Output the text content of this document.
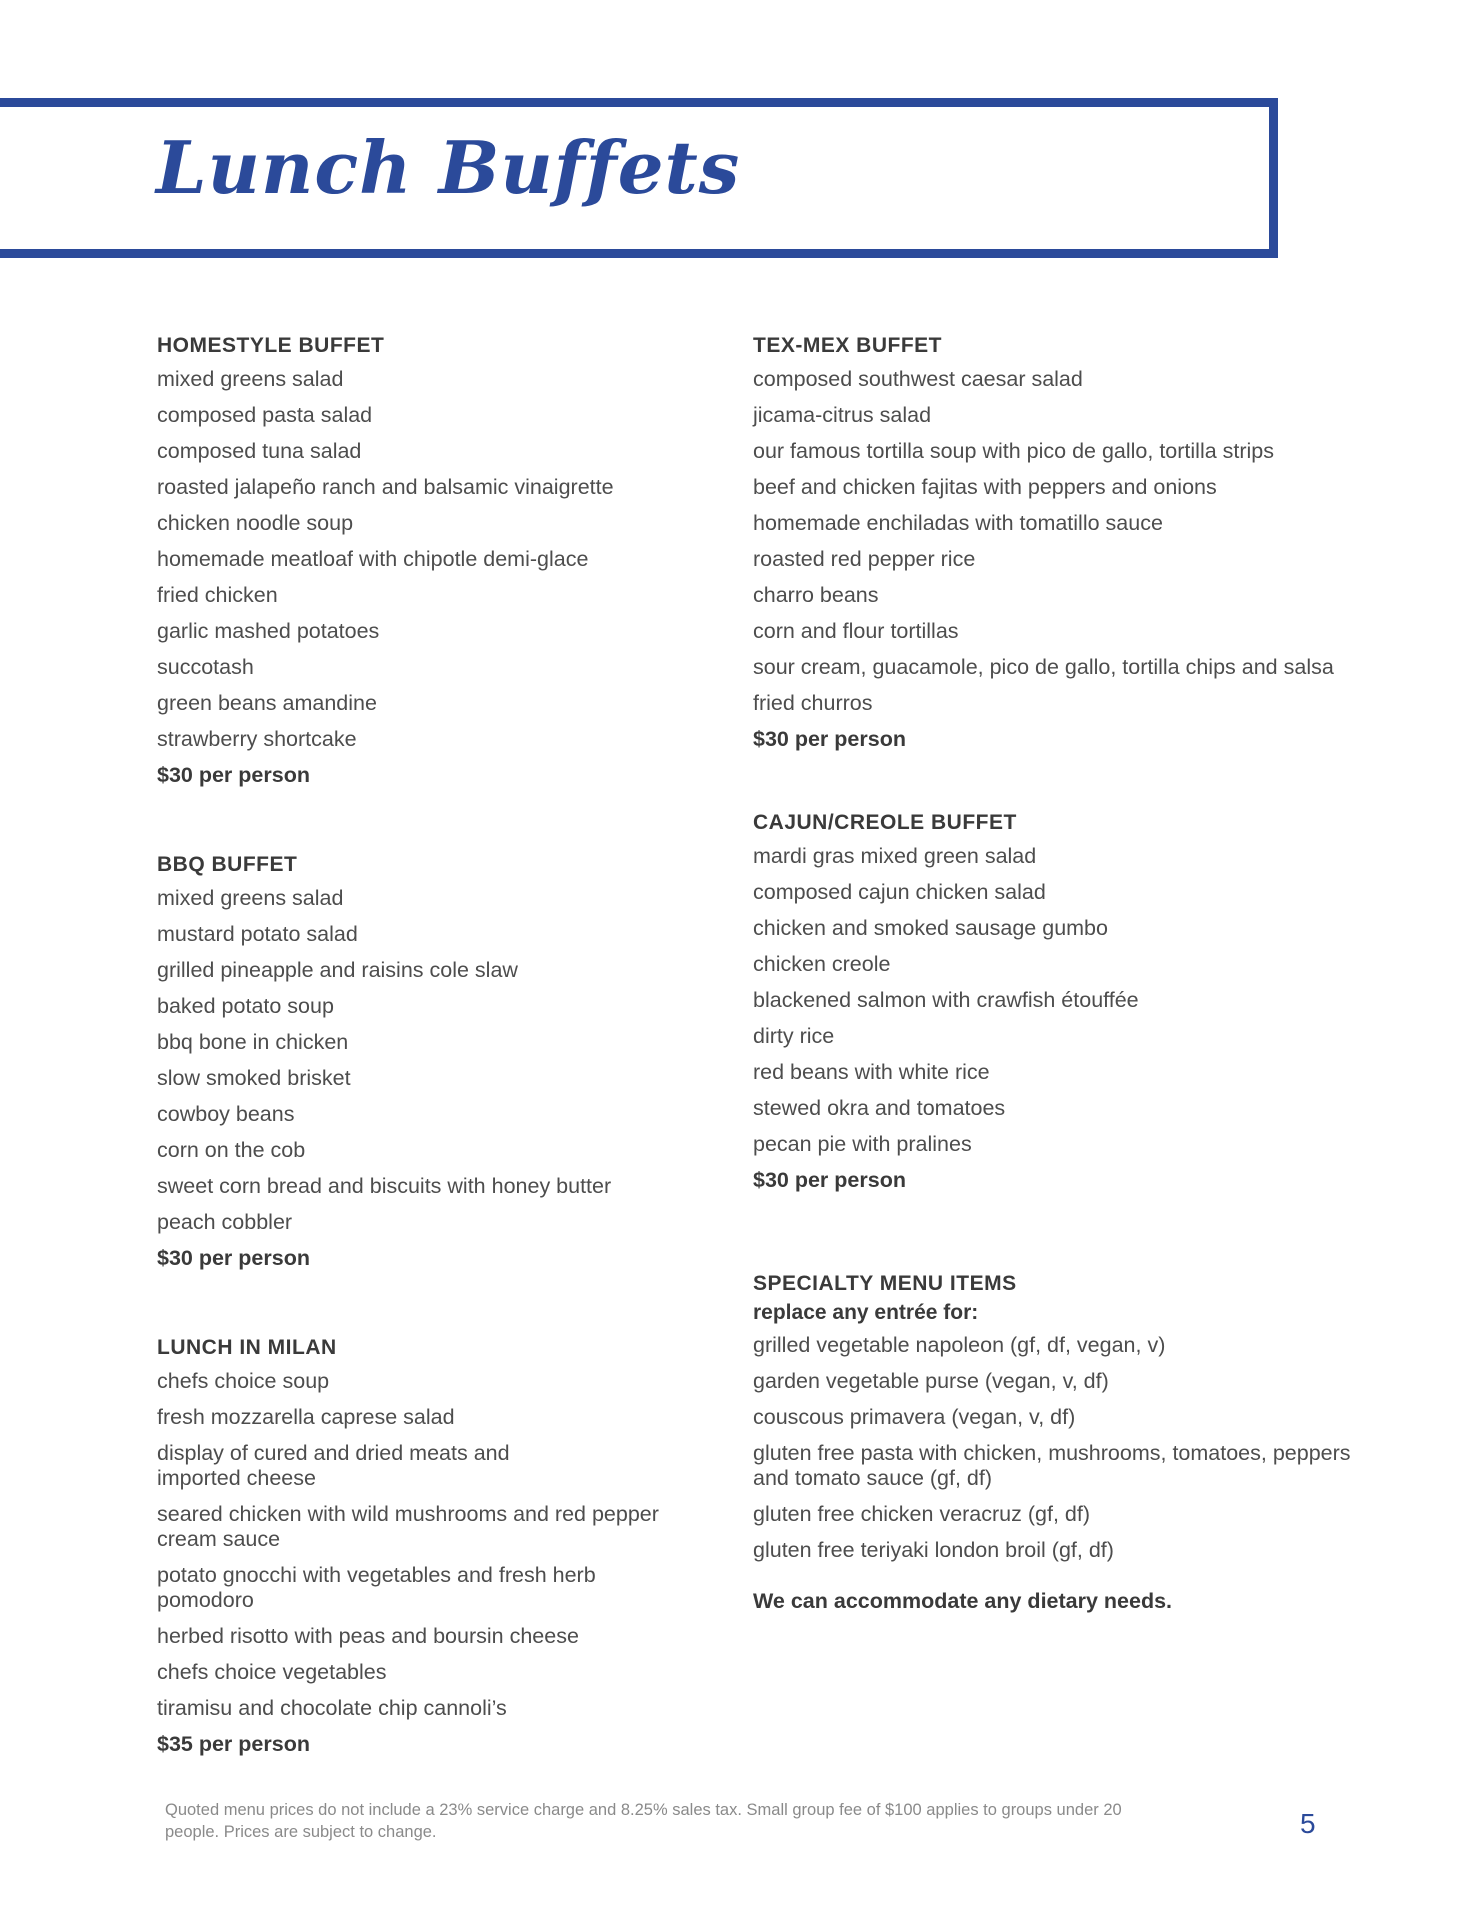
Lunch Buffets
HOMESTYLE BUFFET
mixed greens salad
composed pasta salad
composed tuna salad
roasted jalapeño ranch and balsamic vinaigrette
chicken noodle soup
homemade meatloaf with chipotle demi-glace
fried chicken
garlic mashed potatoes
succotash
green beans amandine
strawberry shortcake
$30 per person
BBQ BUFFET
mixed greens salad
mustard potato salad
grilled pineapple and raisins cole slaw
baked potato soup
bbq bone in chicken
slow smoked brisket
cowboy beans
corn on the cob
sweet corn bread and biscuits with honey butter
peach cobbler
$30 per person
LUNCH IN MILAN
chefs choice soup
fresh mozzarella caprese salad
display of cured and dried meats and imported cheese
seared chicken with wild mushrooms and red pepper cream sauce
potato gnocchi with vegetables and fresh herb pomodoro
herbed risotto with peas and boursin cheese
chefs choice vegetables
tiramisu and chocolate chip cannoli’s
$35 per person
TEX-MEX BUFFET
composed southwest caesar salad
jicama-citrus salad
our famous tortilla soup with pico de gallo, tortilla strips
beef and chicken fajitas with peppers and onions
homemade enchiladas with tomatillo sauce
roasted red pepper rice
charro beans
corn and flour tortillas
sour cream, guacamole, pico de gallo, tortilla chips and salsa
fried churros
$30 per person
CAJUN/CREOLE BUFFET
mardi gras mixed green salad
composed cajun chicken salad
chicken and smoked sausage gumbo
chicken creole
blackened salmon with crawfish étouffée
dirty rice
red beans with white rice
stewed okra and tomatoes
pecan pie with pralines
$30 per person
SPECIALTY MENU ITEMS
replace any entrée for:
grilled vegetable napoleon (gf, df, vegan, v)
garden vegetable purse (vegan, v, df)
couscous primavera (vegan, v, df)
gluten free pasta with chicken, mushrooms, tomatoes, peppers and tomato sauce (gf, df)
gluten free chicken veracruz (gf, df)
gluten free teriyaki london broil (gf, df)
We can accommodate any dietary needs.

Quoted menu prices do not include a 23% service charge and 8.25% sales tax. Small group fee of $100 applies to groups under 20 people. Prices are subject to change.	5
